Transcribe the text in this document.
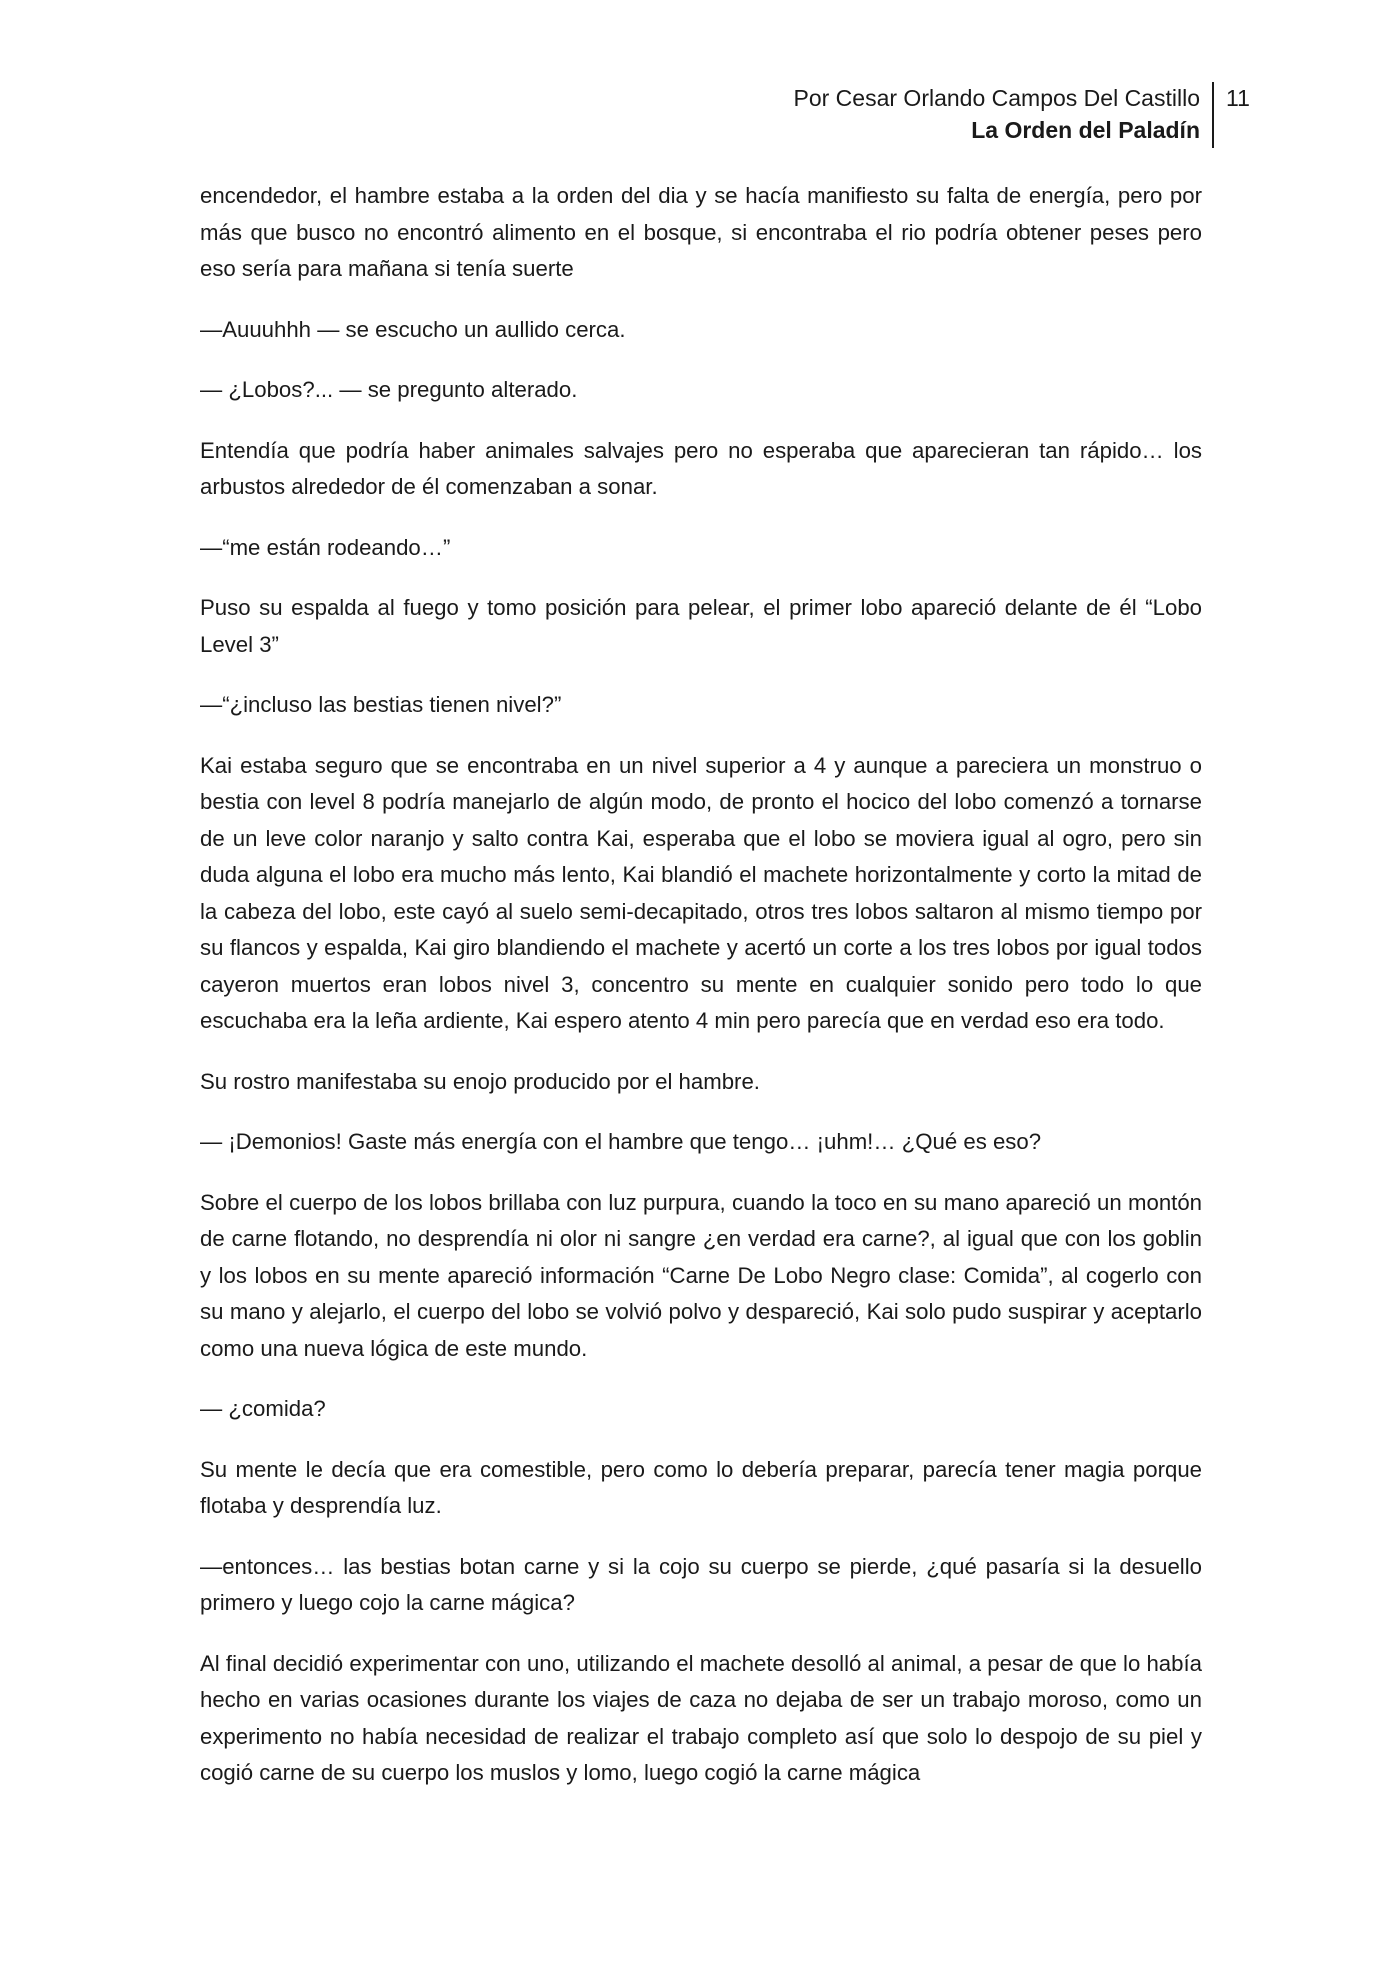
Por Cesar Orlando Campos Del Castillo
La Orden del Paladín
11

encendedor, el hambre estaba a la orden del dia y se hacía manifiesto su falta de energía, pero por más que busco no encontró alimento en el bosque, si encontraba el rio podría obtener peses pero eso sería para mañana si tenía suerte

—Auuuhhh — se escucho un aullido cerca.

— ¿Lobos?... — se pregunto alterado.

Entendía que podría haber animales salvajes pero no esperaba que aparecieran tan rápido… los arbustos alrededor de él comenzaban a sonar.

—“me están rodeando…”

Puso su espalda al fuego y tomo posición para pelear, el primer lobo apareció delante de él “Lobo Level 3”

—“¿incluso las bestias tienen nivel?”

Kai estaba seguro que se encontraba en un nivel superior a 4 y aunque a pareciera un monstruo o bestia con level 8 podría manejarlo de algún modo, de pronto el hocico del lobo comenzó a tornarse de un leve color naranjo y salto contra Kai, esperaba que el lobo se moviera igual al ogro, pero sin duda alguna el lobo era mucho más lento, Kai blandió el machete horizontalmente y corto la mitad de la cabeza del lobo, este cayó al suelo semi-decapitado, otros tres lobos saltaron al mismo tiempo por su flancos y espalda, Kai giro blandiendo el machete y acertó un corte a los tres lobos por igual todos cayeron muertos eran lobos nivel 3, concentro su mente en cualquier sonido pero todo lo que escuchaba era la leña ardiente, Kai espero atento 4 min pero parecía que en verdad eso era todo.

Su rostro manifestaba su enojo producido por el hambre.

— ¡Demonios! Gaste más energía con el hambre que tengo… ¡uhm!… ¿Qué es eso?

Sobre el cuerpo de los lobos brillaba con luz purpura, cuando la toco en su mano apareció un montón de carne flotando, no desprendía ni olor ni sangre ¿en verdad era carne?, al igual que con los goblin y los lobos en su mente apareció información “Carne De Lobo Negro clase: Comida”, al cogerlo con su mano y alejarlo, el cuerpo del lobo se volvió polvo y despareció, Kai solo pudo suspirar y aceptarlo como una nueva lógica de este mundo.

— ¿comida?

Su mente le decía que era comestible, pero como lo debería preparar, parecía tener magia porque flotaba y desprendía luz.

—entonces… las bestias botan carne y si la cojo su cuerpo se pierde, ¿qué pasaría si la desuello primero y luego cojo la carne mágica?

Al final decidió experimentar con uno, utilizando el machete desolló al animal, a pesar de que lo había hecho en varias ocasiones durante los viajes de caza no dejaba de ser un trabajo moroso, como un experimento no había necesidad de realizar el trabajo completo así que solo lo despojo de su piel y cogió carne de su cuerpo los muslos y lomo, luego cogió la carne mágica
